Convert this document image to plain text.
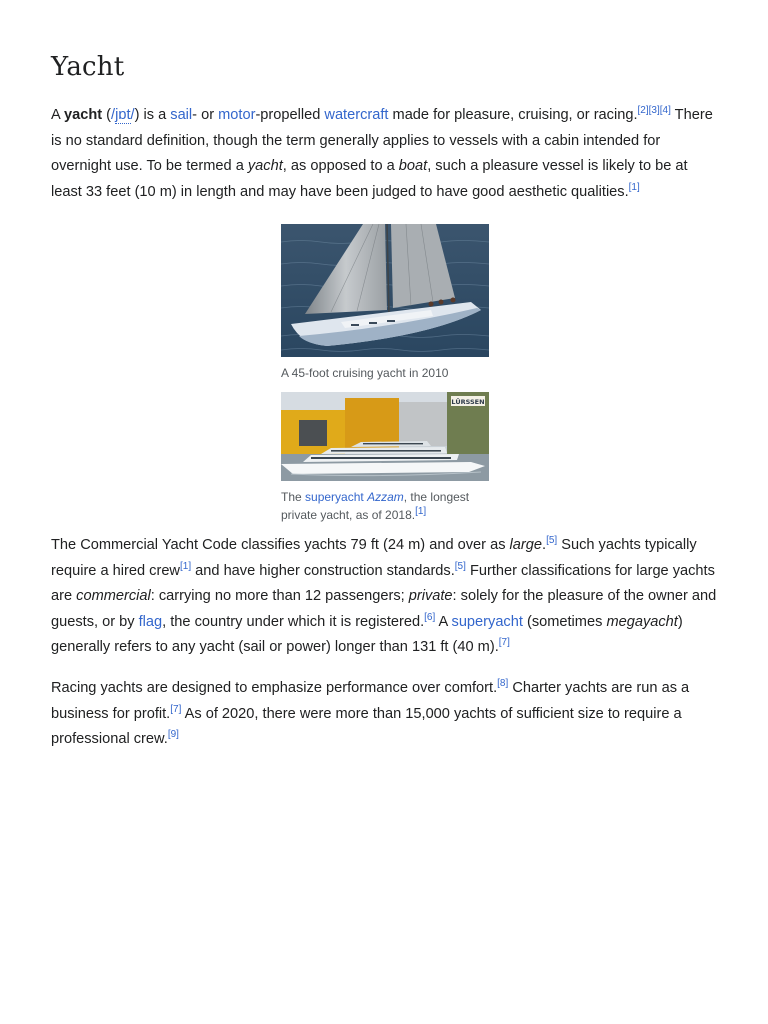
Yacht

A yacht (/jɒt/) is a sail- or motor-propelled watercraft made for pleasure, cruising, or racing.[2][3][4] There is no standard definition, though the term generally applies to vessels with a cabin intended for overnight use. To be termed a yacht, as opposed to a boat, such a pleasure vessel is likely to be at least 33 feet (10 m) in length and may have been judged to have good aesthetic qualities.[1]

A 45-foot cruising yacht in 2010
LÜRSSEN
The superyacht Azzam, the longest private yacht, as of 2018.[1]

The Commercial Yacht Code classifies yachts 79 ft (24 m) and over as large.[5] Such yachts typically require a hired crew[1] and have higher construction standards.[5] Further classifications for large yachts are commercial: carrying no more than 12 passengers; private: solely for the pleasure of the owner and guests, or by flag, the country under which it is registered.[6] A superyacht (sometimes megayacht) generally refers to any yacht (sail or power) longer than 131 ft (40 m).[7]

Racing yachts are designed to emphasize performance over comfort.[8] Charter yachts are run as a business for profit.[7] As of 2020, there were more than 15,000 yachts of sufficient size to require a professional crew.[9]
